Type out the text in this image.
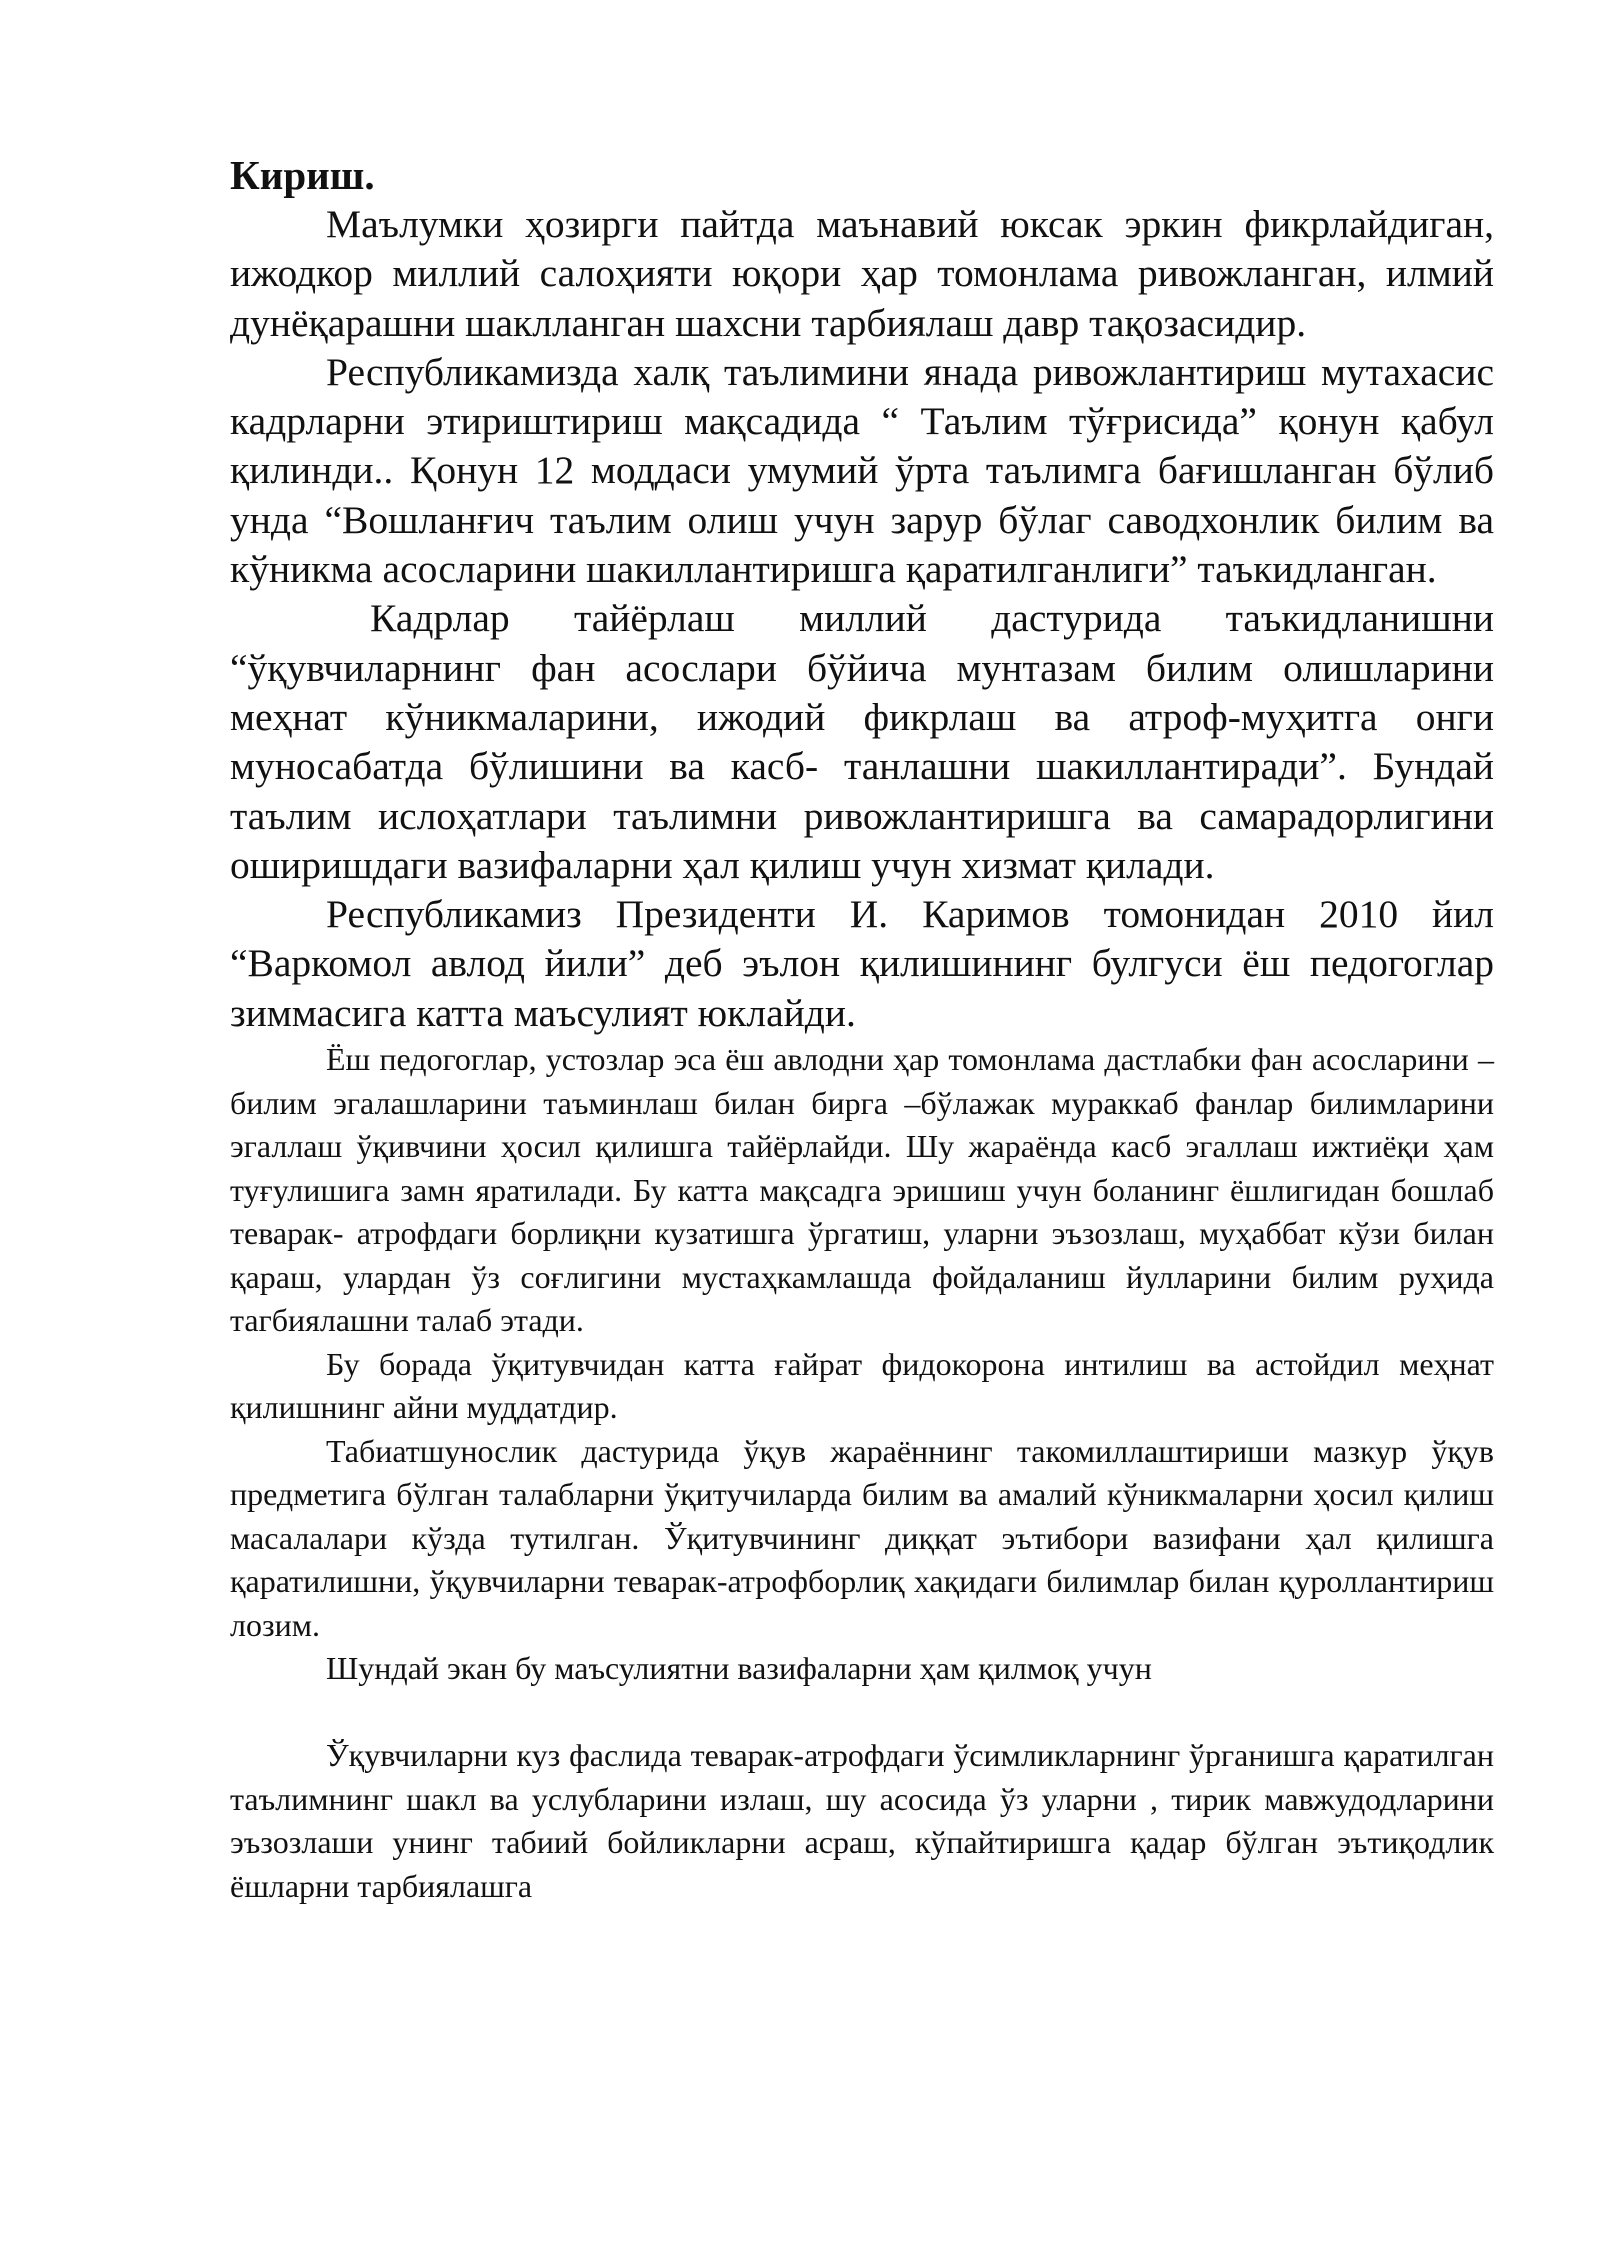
Кириш.

Маълумки ҳозирги пайтда маънавий юксак эркин фикрлайдиган, ижодкор миллий салоҳияти юқори ҳар томонлама ривожланган, илмий дунёқарашни шаклланган шахсни тарбиялаш давр тақозасидир.

Республикамизда халқ таълимини янада ривожлантириш мутахасис кадрларни этириштириш мақсадида “ Таълим тўғрисида” қонун қабул қилинди.. Қонун 12 моддаси умумий ўрта таълимга бағишланган бўлиб унда “Вошланғич таълим олиш учун зарур бўлаг саводхонлик билим ва кўникма асосларини шакиллантиришга қаратилганлиги” таъкидланган.

Кадрлар тайёрлаш миллий дастурида таъкидланишни “ўқувчиларнинг фан асослари бўйича мунтазам билим олишларини меҳнат кўникмаларини, ижодий фикрлаш ва атроф-муҳитга онги муносабатда бўлишини ва касб- танлашни шакиллантиради”. Бундай таълим ислоҳатлари таълимни ривожлантиришга ва самарадорлигини оширишдаги вазифаларни ҳал қилиш учун хизмат қилади.

Республикамиз Президенти И. Каримов томонидан 2010 йил “Варкомол авлод йили” деб эълон қилишининг булгуси ёш педогоглар зиммасига катта маъсулият юклайди.

Ёш педогоглар, устозлар эса ёш авлодни ҳар томонлама дастлабки фан асосларини –билим эгалашларини таъминлаш билан бирга –бўлажак мураккаб фанлар билимларини эгаллаш ўқивчини ҳосил қилишга тайёрлайди. Шу жараёнда касб эгаллаш ижтиёқи ҳам туғулишига замн яратилади. Бу катта мақсадга эришиш учун боланинг ёшлигидан бошлаб теварак- атрофдаги борлиқни кузатишга ўргатиш, уларни эъзозлаш, муҳаббат кўзи билан қараш, улардан ўз соғлигини мустаҳкамлашда фойдаланиш йулларини билим руҳида тагбиялашни талаб этади.

Бу борада ўқитувчидан катта ғайрат фидокорона интилиш ва астойдил меҳнат қилишнинг айни муддатдир.

Табиатшунослик дастурида ўқув жараённинг такомиллаштириши мазкур ўқув предметига бўлган талабларни ўқитучиларда билим ва амалий кўникмаларни ҳосил қилиш масалалари кўзда тутилган. Ўқитувчининг диққат эътибори вазифани ҳал қилишга қаратилишни, ўқувчиларни теварак-атрофборлиқ хақидаги билимлар билан қуроллантириш лозим.

Шундай экан бу маъсулиятни вазифаларни ҳам қилмоқ учун

Ўқувчиларни куз фаслида теварак-атрофдаги ўсимликларнинг ўрганишга қаратилган таълимнинг шакл ва услубларини излаш, шу асосида ўз уларни , тирик мавжудодларини эъзозлаши унинг табиий бойликларни асраш, кўпайтиришга қадар бўлган эътиқодлик ёшларни тарбиялашга
